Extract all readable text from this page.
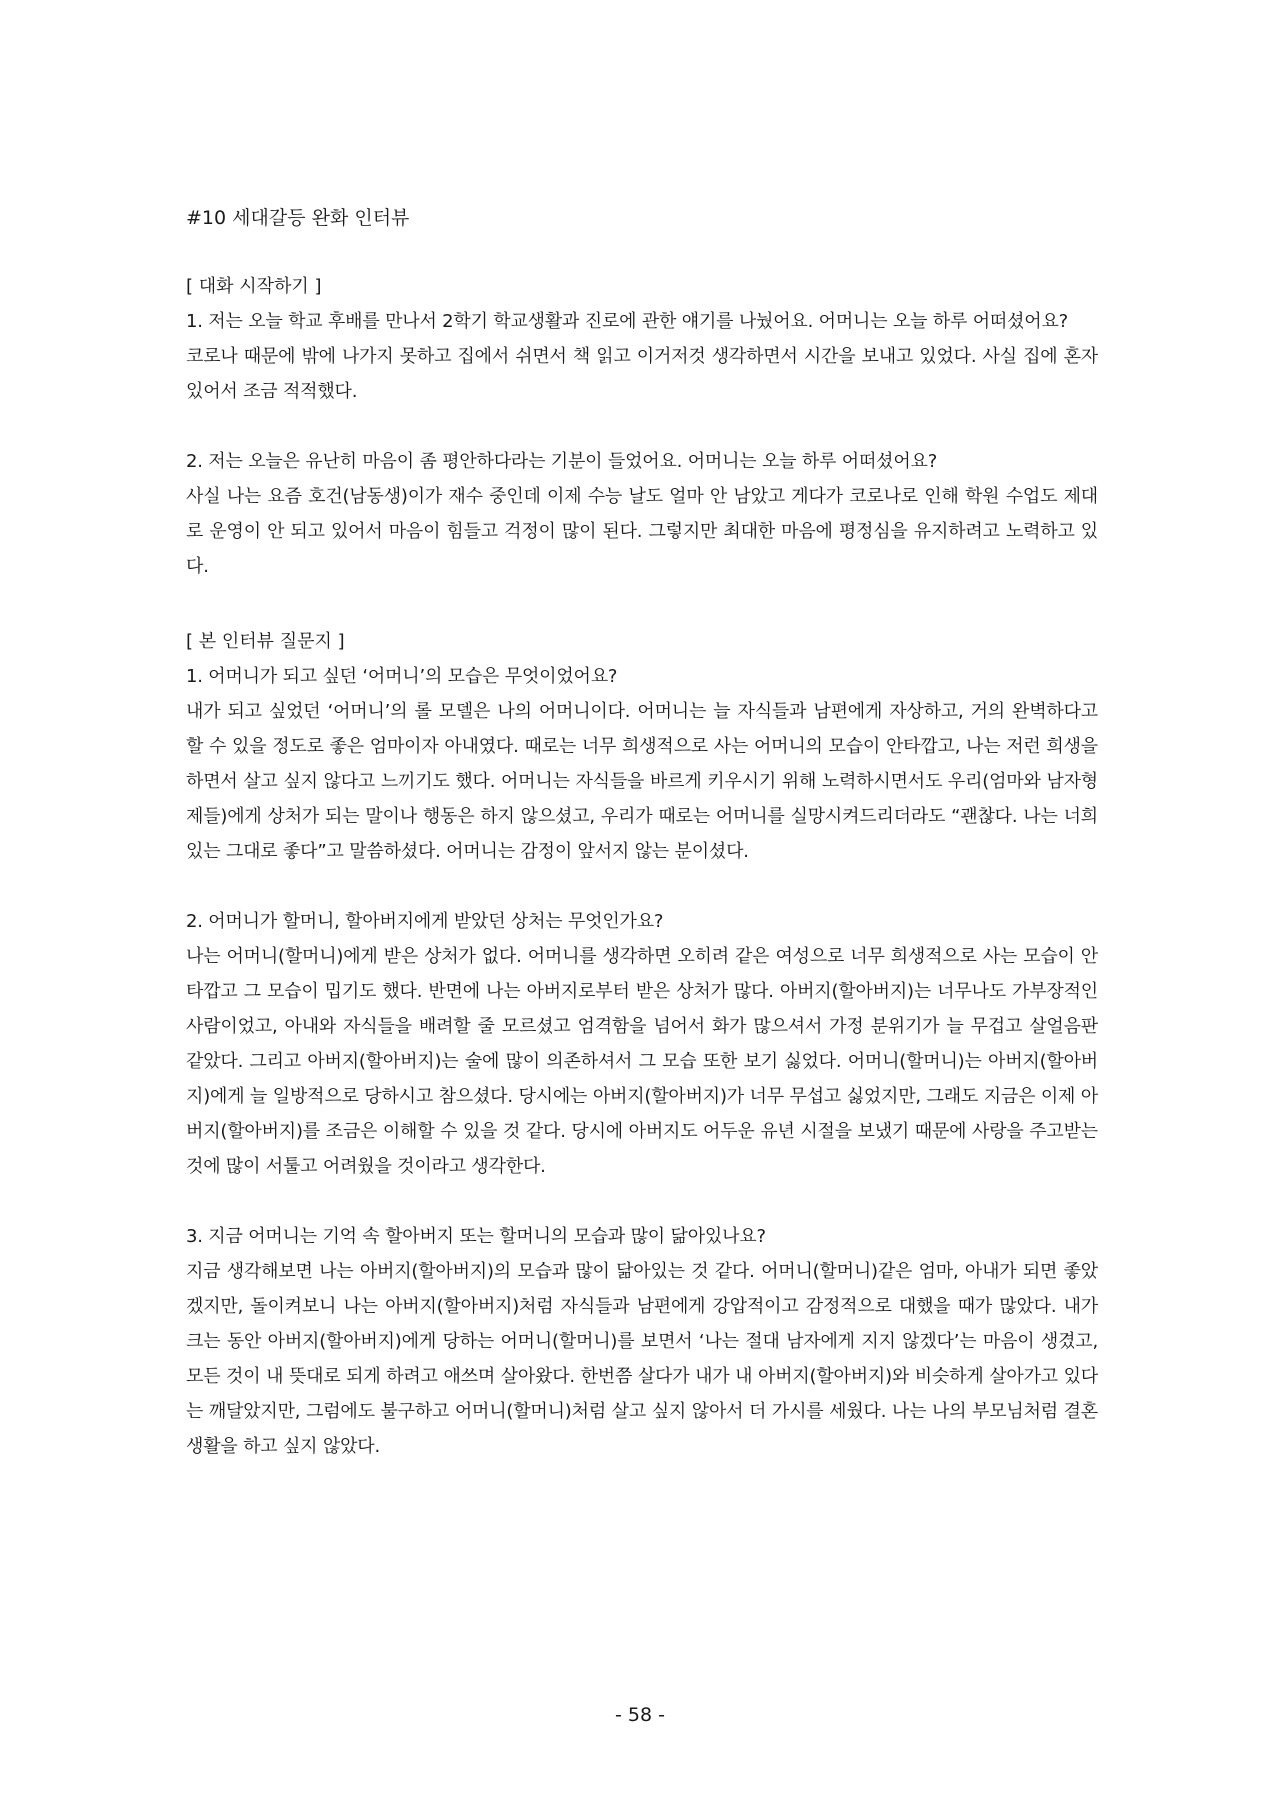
#10 세대갈등 완화 인터뷰

[ 대화 시작하기 ]

1. 저는 오늘 학교 후배를 만나서 2학기 학교생활과 진로에 관한 얘기를 나눴어요. 어머니는 오늘 하루 어떠셨어요?

코로나 때문에 밖에 나가지 못하고 집에서 쉬면서 책 읽고 이거저것 생각하면서 시간을 보내고 있었다. 사실 집에 혼자 있어서 조금 적적했다.

2. 저는 오늘은 유난히 마음이 좀 평안하다라는 기분이 들었어요. 어머니는 오늘 하루 어떠셨어요?

사실 나는 요즘 호건(남동생)이가 재수 중인데 이제 수능 날도 얼마 안 남았고 게다가 코로나로 인해 학원 수업도 제대로 운영이 안 되고 있어서 마음이 힘들고 걱정이 많이 된다. 그렇지만 최대한 마음에 평정심을 유지하려고 노력하고 있다.

[ 본 인터뷰 질문지 ]

1. 어머니가 되고 싶던 ‘어머니’의 모습은 무엇이었어요?

내가 되고 싶었던 ‘어머니’의 롤 모델은 나의 어머니이다. 어머니는 늘 자식들과 남편에게 자상하고, 거의 완벽하다고 할 수 있을 정도로 좋은 엄마이자 아내였다. 때로는 너무 희생적으로 사는 어머니의 모습이 안타깝고, 나는 저런 희생을 하면서 살고 싶지 않다고 느끼기도 했다. 어머니는 자식들을 바르게 키우시기 위해 노력하시면서도 우리(엄마와 남자형제들)에게 상처가 되는 말이나 행동은 하지 않으셨고, 우리가 때로는 어머니를 실망시켜드리더라도 “괜찮다. 나는 너희 있는 그대로 좋다”고 말씀하셨다. 어머니는 감정이 앞서지 않는 분이셨다.

2. 어머니가 할머니, 할아버지에게 받았던 상처는 무엇인가요?

나는 어머니(할머니)에게 받은 상처가 없다. 어머니를 생각하면 오히려 같은 여성으로 너무 희생적으로 사는 모습이 안타깝고 그 모습이 밉기도 했다. 반면에 나는 아버지로부터 받은 상처가 많다. 아버지(할아버지)는 너무나도 가부장적인 사람이었고, 아내와 자식들을 배려할 줄 모르셨고 엄격함을 넘어서 화가 많으셔서 가정 분위기가 늘 무겁고 살얼음판 같았다. 그리고 아버지(할아버지)는 술에 많이 의존하셔서 그 모습 또한 보기 싫었다. 어머니(할머니)는 아버지(할아버지)에게 늘 일방적으로 당하시고 참으셨다. 당시에는 아버지(할아버지)가 너무 무섭고 싫었지만, 그래도 지금은 이제 아버지(할아버지)를 조금은 이해할 수 있을 것 같다. 당시에 아버지도 어두운 유년 시절을 보냈기 때문에 사랑을 주고받는 것에 많이 서툴고 어려웠을 것이라고 생각한다.

3. 지금 어머니는 기억 속 할아버지 또는 할머니의 모습과 많이 닮아있나요?

지금 생각해보면 나는 아버지(할아버지)의 모습과 많이 닮아있는 것 같다. 어머니(할머니)같은 엄마, 아내가 되면 좋았겠지만, 돌이켜보니 나는 아버지(할아버지)처럼 자식들과 남편에게 강압적이고 감정적으로 대했을 때가 많았다. 내가 크는 동안 아버지(할아버지)에게 당하는 어머니(할머니)를 보면서 ‘나는 절대 남자에게 지지 않겠다’는 마음이 생겼고, 모든 것이 내 뜻대로 되게 하려고 애쓰며 살아왔다. 한번쯤 살다가 내가 내 아버지(할아버지)와 비슷하게 살아가고 있다는 깨달았지만, 그럼에도 불구하고 어머니(할머니)처럼 살고 싶지 않아서 더 가시를 세웠다. 나는 나의 부모님처럼 결혼생활을 하고 싶지 않았다.

- 58 -
